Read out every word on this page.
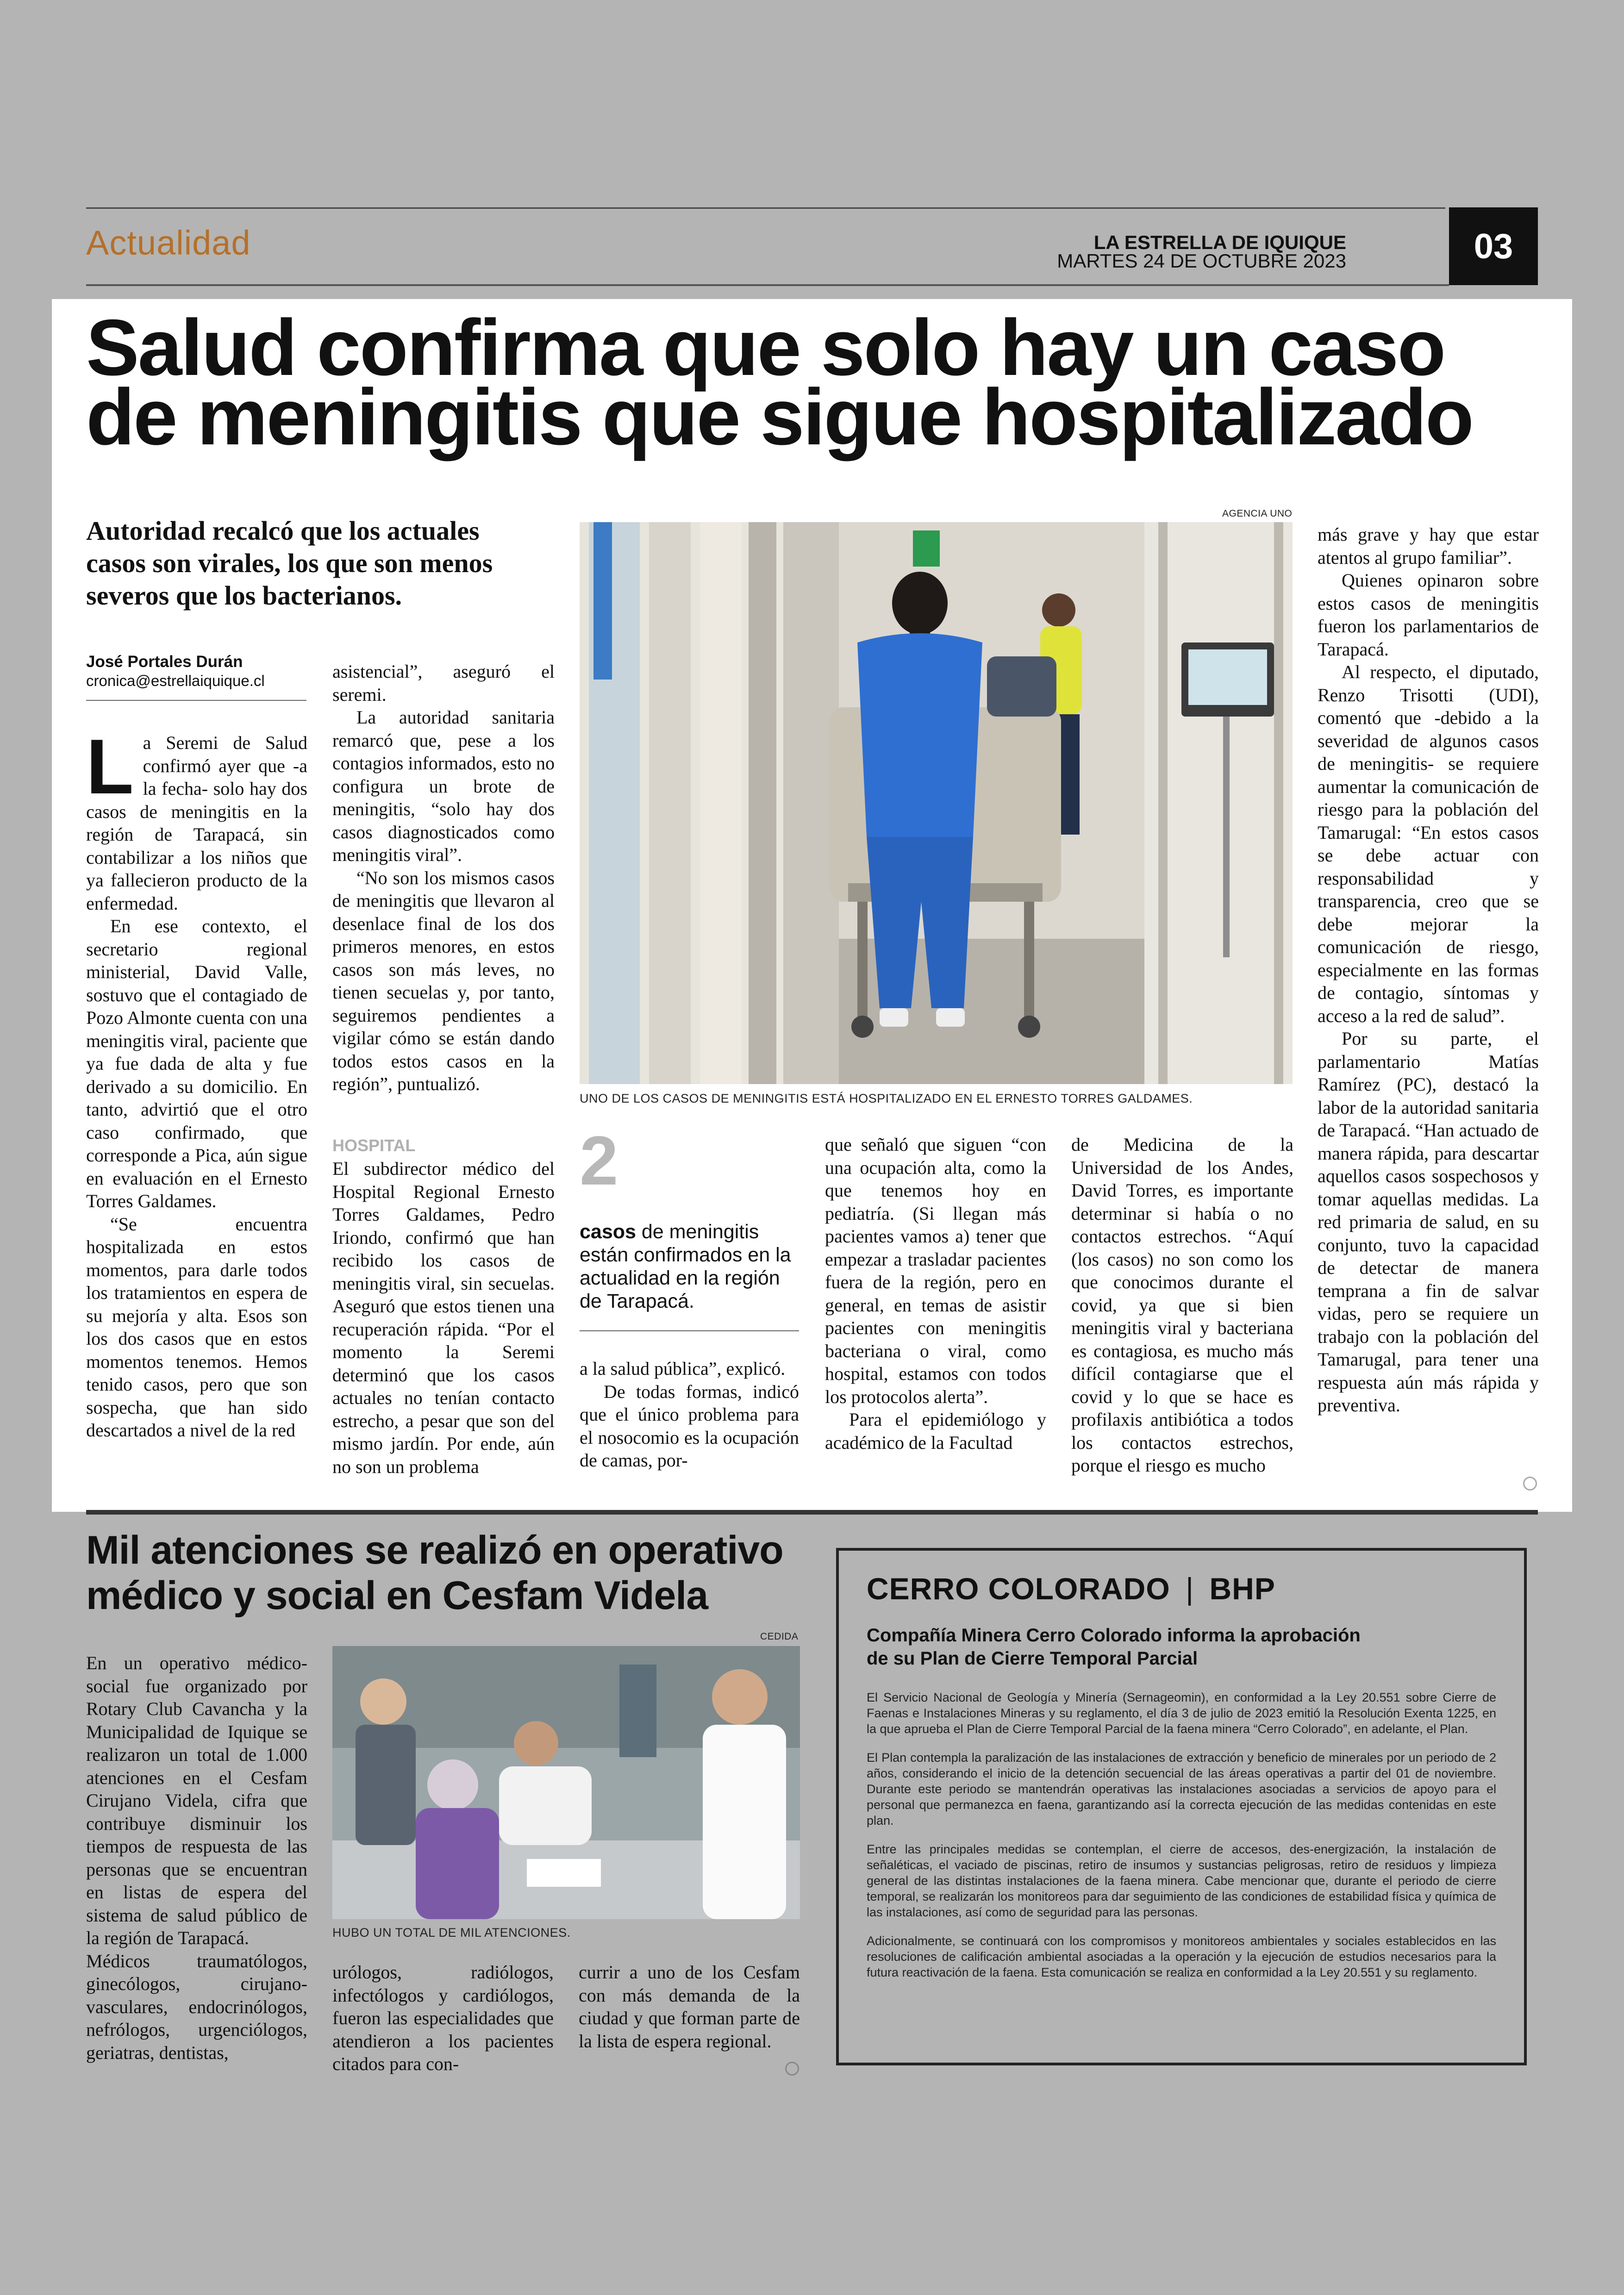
Actualidad	LA ESTRELLA DE IQUIQUE
MARTES 24 DE OCTUBRE 2023	03
Salud confirma que solo hay un caso
de meningitis que sigue hospitalizado
Autoridad recalcó que los actuales casos son virales, los que son menos severos que los bacterianos.
José Portales Durán
cronica@estrellaiquique.cl

La Seremi de Salud confirmó ayer que -a la fecha- solo hay dos casos de meningitis en la región de Tarapacá, sin contabilizar a los niños que ya fallecieron producto de la enfermedad.

En ese contexto, el secretario regional ministerial, David Valle, sostuvo que el contagiado de Pozo Almonte cuenta con una meningitis viral, paciente que ya fue dada de alta y fue derivado a su domicilio. En tanto, advirtió que el otro caso confirmado, que corresponde a Pica, aún sigue en evaluación en el Ernesto Torres Galdames.

“Se encuentra hospitalizada en estos momentos, para darle todos los tratamientos en espera de su mejoría y alta. Esos son los dos casos que en estos momentos tenemos. Hemos tenido casos, pero que son sospecha, que han sido descartados a nivel de la red

asistencial”, aseguró el seremi.

La autoridad sanitaria remarcó que, pese a los contagios informados, esto no configura un brote de meningitis, “solo hay dos casos diagnosticados como meningitis viral”.

“No son los mismos casos de meningitis que llevaron al desenlace final de los dos primeros menores, en estos casos son más leves, no tienen secuelas y, por tanto, seguiremos pendientes a vigilar cómo se están dando todos estos casos en la región”, puntualizó.

HOSPITAL

El subdirector médico del Hospital Regional Ernesto Torres Galdames, Pedro Iriondo, confirmó que han recibido los casos de meningitis viral, sin secuelas. Aseguró que estos tienen una recuperación rápida. “Por el momento la Seremi determinó que los casos actuales no tenían contacto estrecho, a pesar que son del mismo jardín. Por ende, aún no son un problema

AGENCIA UNO
UNO DE LOS CASOS DE MENINGITIS ESTÁ HOSPITALIZADO EN EL ERNESTO TORRES GALDAMES.
2
casos de meningitis están confirmados en la actualidad en la región de Tarapacá.

a la salud pública”, explicó.

De todas formas, indicó que el único problema para el nosocomio es la ocupación de camas, por-

que señaló que siguen “con una ocupación alta, como la que tenemos hoy en pediatría. (Si llegan más pacientes vamos a) tener que empezar a trasladar pacientes fuera de la región, pero en general, en temas de asistir pacientes con meningitis bacteriana o viral, como hospital, estamos con todos los protocolos alerta”.

Para el epidemiólogo y académico de la Facultad

de Medicina de la Universidad de los Andes, David Torres, es importante determinar si había o no contactos estrechos. “Aquí (los casos) no son como los que conocimos durante el covid, ya que si bien meningitis viral y bacteriana es contagiosa, es mucho más difícil contagiarse que el covid y lo que se hace es profilaxis antibiótica a todos los contactos estrechos, porque el riesgo es mucho

más grave y hay que estar atentos al grupo familiar”.

Quienes opinaron sobre estos casos de meningitis fueron los parlamentarios de Tarapacá.

Al respecto, el diputado, Renzo Trisotti (UDI), comentó que -debido a la severidad de algunos casos de meningitis- se requiere aumentar la comunicación de riesgo para la población del Tamarugal: “En estos casos se debe actuar con responsabilidad y transparencia, creo que se debe mejorar la comunicación de riesgo, especialmente en las formas de contagio, síntomas y acceso a la red de salud”.

Por su parte, el parlamentario Matías Ramírez (PC), destacó la labor de la autoridad sanitaria de Tarapacá. “Han actuado de manera rápida, para descartar aquellos casos sospechosos y tomar aquellas medidas. La red primaria de salud, en su conjunto, tuvo la capacidad de detectar de manera temprana a fin de salvar vidas, pero se requiere un trabajo con la población del Tamarugal, para tener una respuesta aún más rápida y preventiva.

Mil atenciones se realizó en operativo
médico y social en Cesfam Videla
CEDIDA
HUBO UN TOTAL DE MIL ATENCIONES.

En un operativo médico-social fue organizado por Rotary Club Cavancha y la Municipalidad de Iquique se realizaron un total de 1.000 atenciones en el Cesfam Cirujano Videla, cifra que contribuye disminuir los tiempos de respuesta de las personas que se encuentran en listas de espera del sistema de salud público de la región de Tarapacá.

Médicos traumatólogos, ginecólogos, cirujano-vasculares, endocrinólogos, nefrólogos, urgenciólogos, geriatras, dentistas,

urólogos, radiólogos, infectólogos y cardiólogos, fueron las especialidades que atendieron a los pacientes citados para con-

currir a uno de los Cesfam con más demanda de la ciudad y que forman parte de la lista de espera regional.

CERRO COLORADO | BHP
Compañía Minera Cerro Colorado informa la aprobación
de su Plan de Cierre Temporal Parcial

El Servicio Nacional de Geología y Minería (Sernageomin), en conformidad a la Ley 20.551 sobre Cierre de Faenas e Instalaciones Mineras y su reglamento, el día 3 de julio de 2023 emitió la Resolución Exenta 1225, en la que aprueba el Plan de Cierre Temporal Parcial de la faena minera “Cerro Colorado”, en adelante, el Plan.

El Plan contempla la paralización de las instalaciones de extracción y beneficio de minerales por un periodo de 2 años, considerando el inicio de la detención secuencial de las áreas operativas a partir del 01 de noviembre. Durante este periodo se mantendrán operativas las instalaciones asociadas a servicios de apoyo para el personal que permanezca en faena, garantizando así la correcta ejecución de las medidas contenidas en este plan.

Entre las principales medidas se contemplan, el cierre de accesos, des-energización, la instalación de señaléticas, el vaciado de piscinas, retiro de insumos y sustancias peligrosas, retiro de residuos y limpieza general de las distintas instalaciones de la faena minera. Cabe mencionar que, durante el periodo de cierre temporal, se realizarán los monitoreos para dar seguimiento de las condiciones de estabilidad física y química de las instalaciones, así como de seguridad para las personas.

Adicionalmente, se continuará con los compromisos y monitoreos ambientales y sociales establecidos en las resoluciones de calificación ambiental asociadas a la operación y la ejecución de estudios necesarios para la futura reactivación de la faena. Esta comunicación se realiza en conformidad a la Ley 20.551 y su reglamento.
